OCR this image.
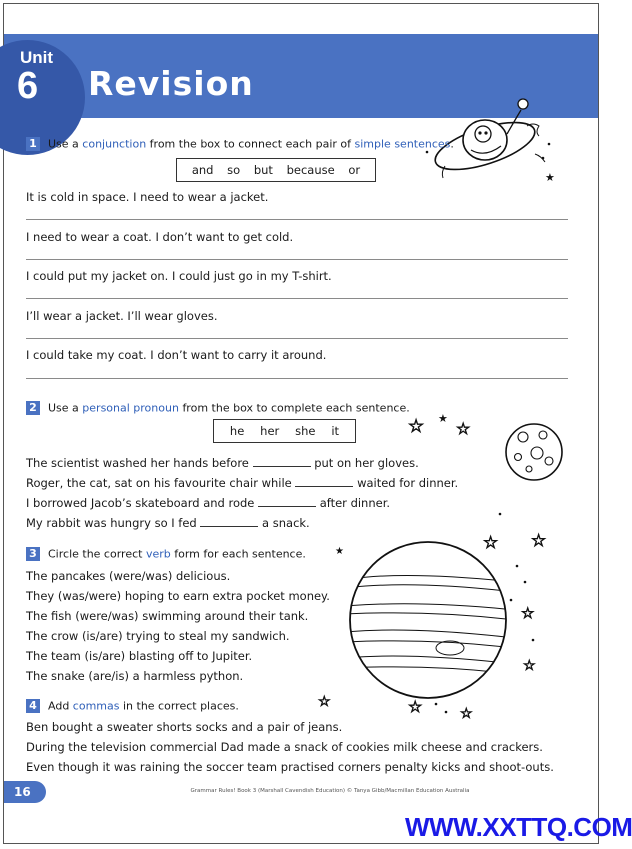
Unit
6 Revision
★
1 Use a conjunction from the box to connect each pair of simple sentences.
and so but because or
It is cold in space. I need to wear a jacket.
I need to wear a coat. I don’t want to get cold.
I could put my jacket on. I could just go in my T-shirt.
I’ll wear a jacket. I’ll wear gloves.
I could take my coat. I don’t want to carry it around.
2 Use a personal pronoun from the box to complete each sentence.
he her she it
The scientist washed her hands before	put on her gloves.
Roger, the cat, sat on his favourite chair while	waited for dinner.
I borrowed Jacob’s skateboard and rode	after dinner.
My rabbit was hungry so I fed	a snack.
☆ ★
☆
3 Circle the correct verb form for each sentence.
The pancakes (were/was) delicious.
They (was/were) hoping to earn extra pocket money.
The fish (were/was) swimming around their tank.
The crow (is/are) trying to steal my sandwich.
The team (is/are) blasting off to Jupiter.
The snake (are/is) a harmless python.
★	☆ ☆
☆
☆
☆	☆	☆
4 Add commas in the correct places.
Ben bought a sweater shorts socks and a pair of jeans.
During the television commercial Dad made a snack of cookies milk cheese and crackers.
Even though it was raining the soccer team practised corners penalty kicks and shoot-outs.
16	Grammar Rules! Book 3 (Marshall Cavendish Education) © Tanya Gibb/Macmillan Education Australia
WWW.XXTTQ.COM
